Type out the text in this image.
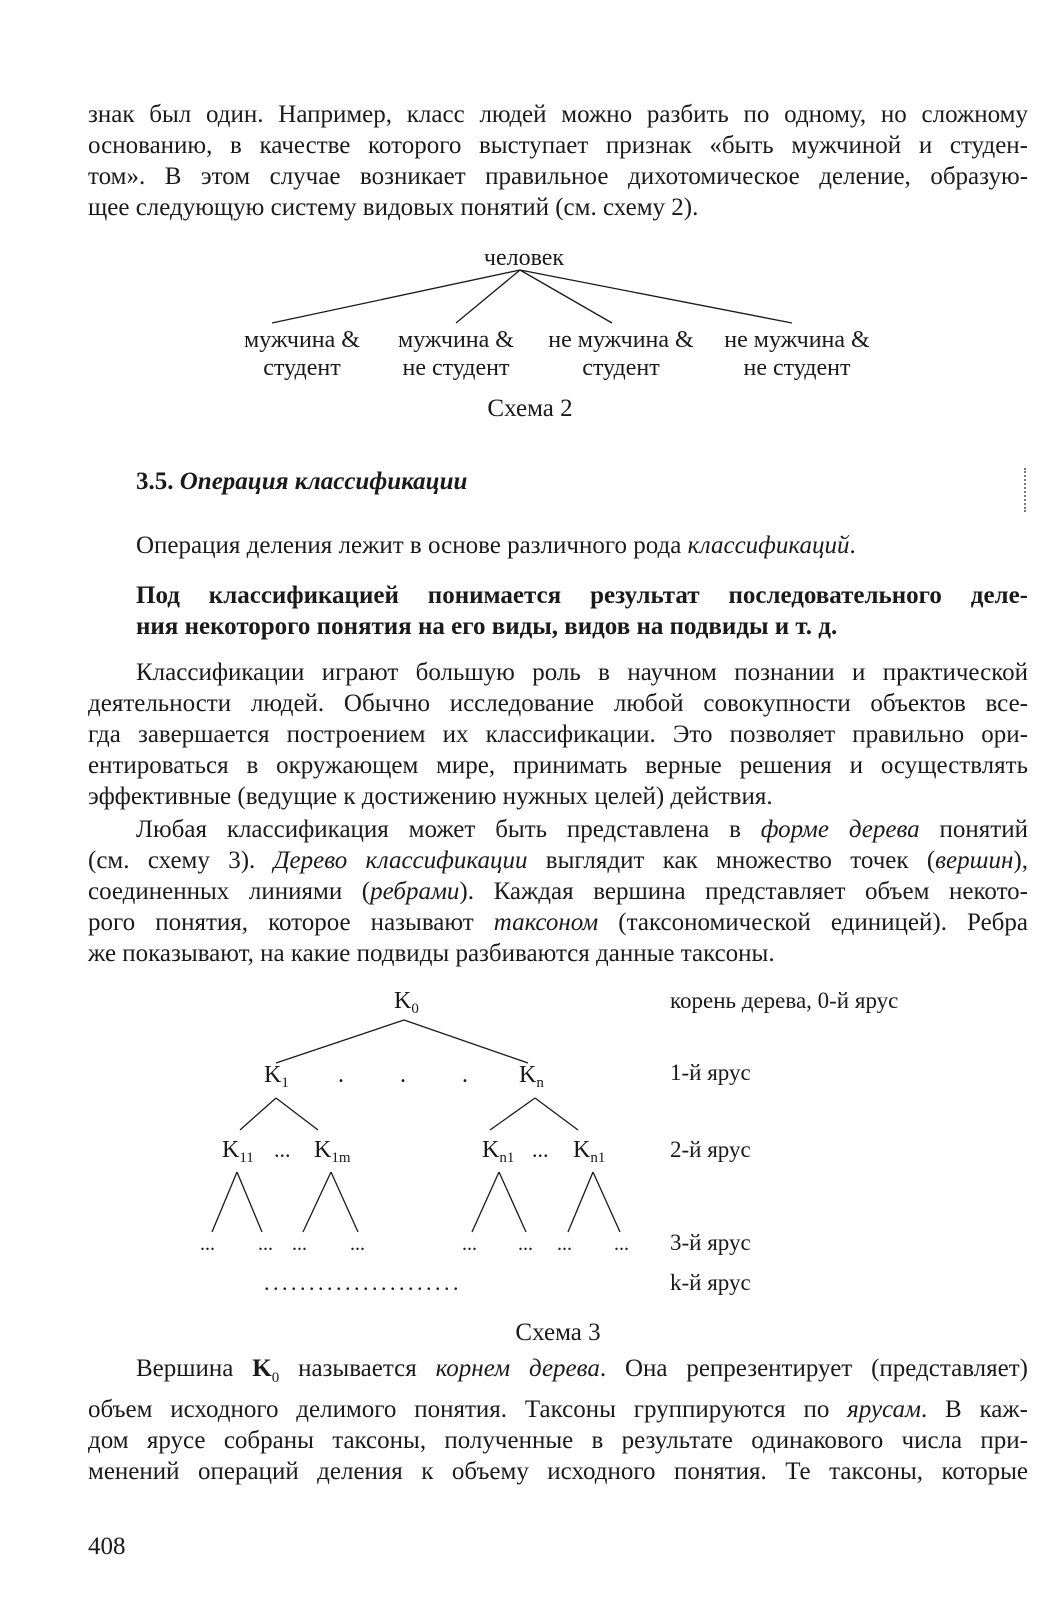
знак был один. Например, класс людей можно разбить по одному, но сложному
основанию, в качестве которого выступает признак «быть мужчиной и студен-
том». В этом случае возникает правильное дихотомическое деление, образую-
щее следующую систему видовых понятий (см. схему 2).

человек
мужчина &
студент
мужчина &
не студент
не мужчина &
студент
не мужчина &
не студент
Схема 2
3.5. Операция классификации

Операция деления лежит в основе различного рода классификаций.

Под классификацией понимается результат последовательного деле-
ния некоторого понятия на его виды, видов на подвиды и т. д.

Классификации играют большую роль в научном познании и практической
деятельности людей. Обычно исследование любой совокупности объектов все-
гда завершается построением их классификации. Это позволяет правильно ори-
ентироваться в окружающем мире, принимать верные решения и осуществлять
эффективные (ведущие к достижению нужных целей) действия.

Любая классификация может быть представлена в форме дерева понятий
(см. схему 3). Дерево классификации выглядит как множество точек (вершин),
соединенных линиями (ребрами). Каждая вершина представляет объем некото-
рого понятия, которое называют таксоном (таксономической единицей). Ребра
же показывают, на какие подвиды разбиваются данные таксоны.

$K_0$
$K_1$ . . . $K_n$
$K_{11}$ ... $K_{1m}$	$K_{n1}$ ... $K_{n1}$
... ... ... ...	... ... ... ...
......................
корень дерева, 0-й ярус
1-й ярус
2-й ярус
3-й ярус
k-й ярус
Схема 3

Вершина $K_0$ называется корнем дерева. Она репрезентирует (представляет)
объем исходного делимого понятия. Таксоны группируются по ярусам. В каж-
дом ярусе собраны таксоны, полученные в результате одинакового числа при-
менений операций деления к объему исходного понятия. Те таксоны, которые

408
